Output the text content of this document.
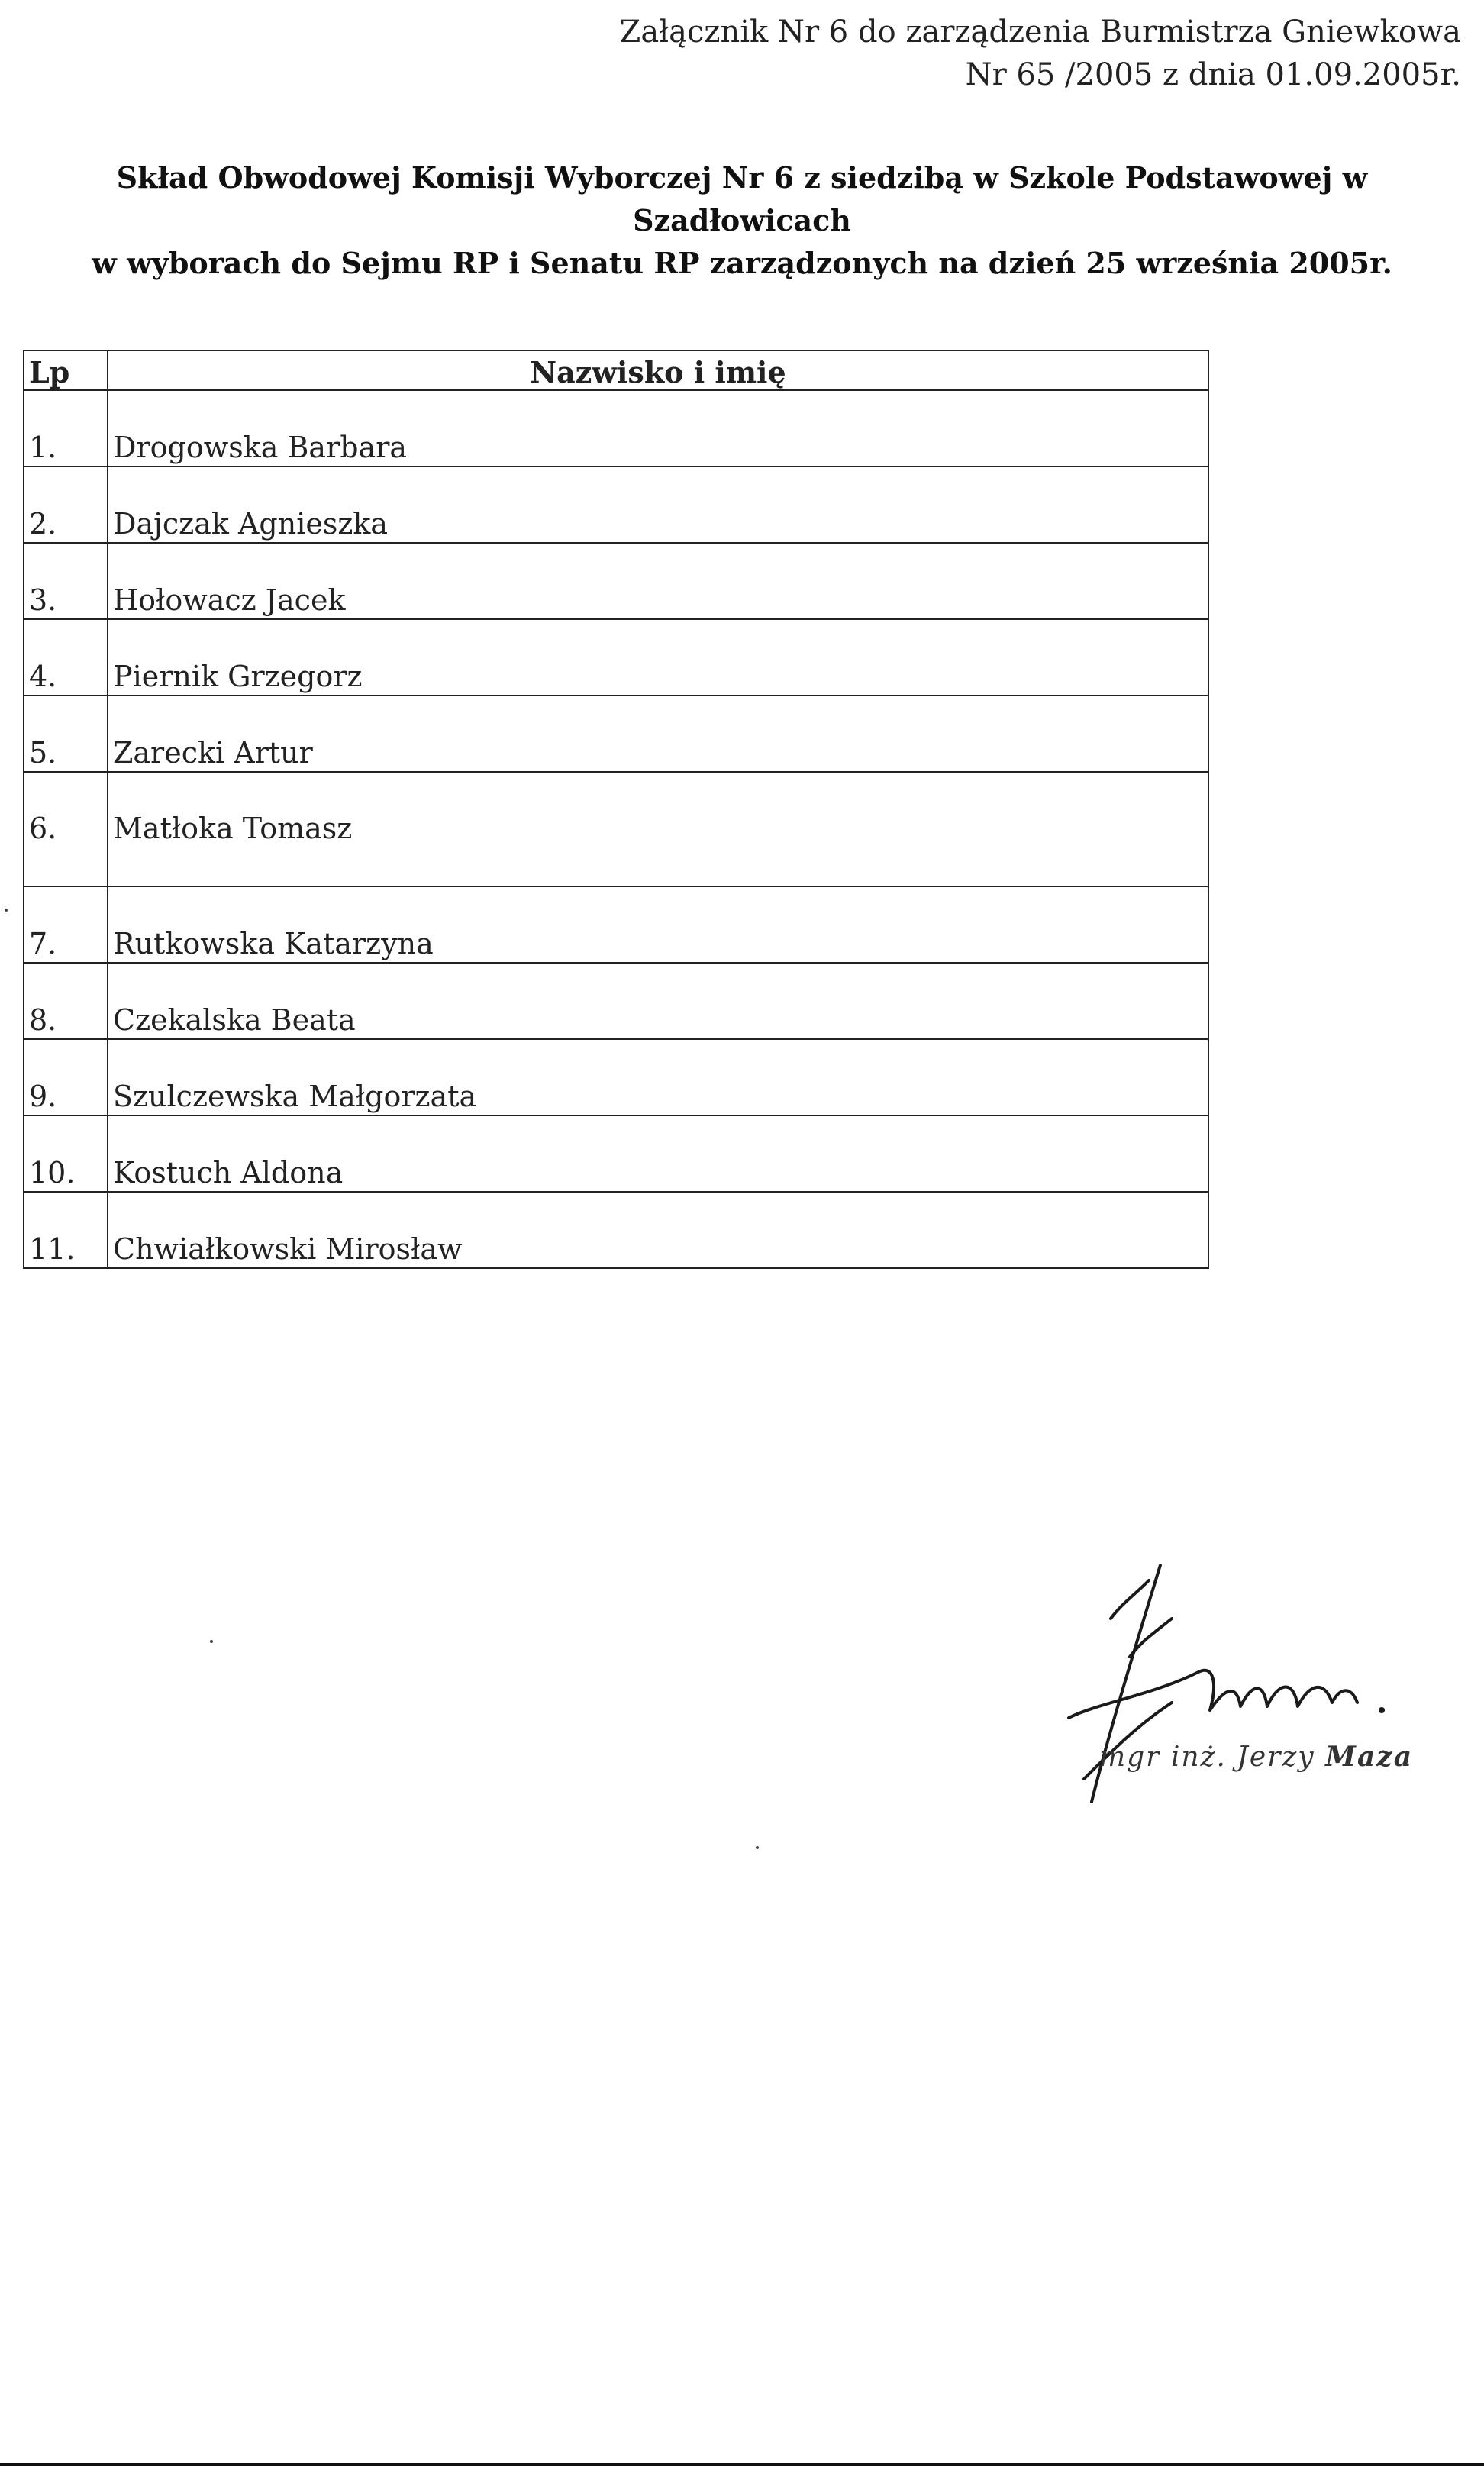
Załącznik Nr 6 do zarządzenia Burmistrza Gniewkowa
Nr 65 /2005 z dnia 01.09.2005r.
Skład Obwodowej Komisji Wyborczej Nr 6 z siedzibą w Szkole Podstawowej w
Szadłowicach
w wyborach do Sejmu RP i Senatu RP zarządzonych na dzień 25 września 2005r.
Lp	Nazwisko i imię
1.	Drogowska Barbara
2.	Dajczak Agnieszka
3.	Hołowacz Jacek
4.	Piernik Grzegorz
5.	Zarecki Artur
6.	Matłoka Tomasz
7.	Rutkowska Katarzyna
8.	Czekalska Beata
9.	Szulczewska Małgorzata
10.	Kostuch Aldona
11.	Chwiałkowski Mirosław
mgr inż. Jerzy Maza
